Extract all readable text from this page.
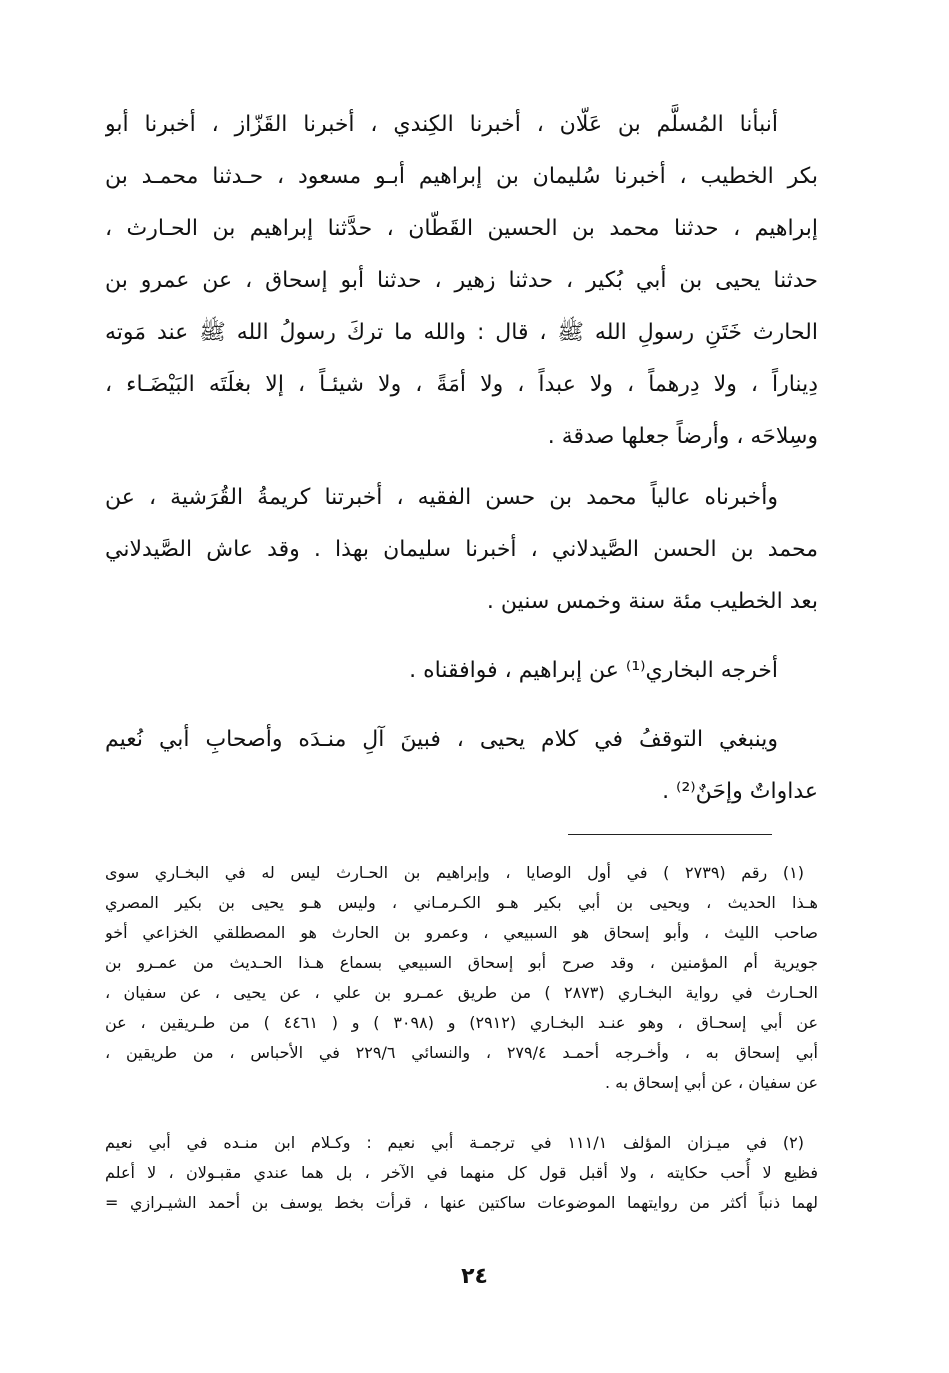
أنبأنا المُسلَّم بن عَلّان ، أخبرنا الكِندي ، أخبرنا القَزّاز ، أخبرنا أبو
بكر الخطيب ، أخبرنا سُليمان بن إبراهيم أبـو مسعود ، حـدثنا محمـد بن
إبراهيم ، حدثنا محمد بن الحسين القَطّان ، حدَّثنا إبراهيم بن الحـارث ،
حدثنا يحيى بن أبي بُكير ، حدثنا زهير ، حدثنا أبو إسحاق ، عن عمرو بن
الحارث خَتَنِ رسولِ الله ﷺ ، قال : والله ما تركَ رسولُ الله ﷺ عند مَوته
دِيناراً ، ولا دِرهماً ، ولا عبداً ، ولا أمَةً ، ولا شيئـاً ، إلا بغلَتَه البَيْضَـاء ،
وسِلاحَه ، وأرضاً جعلها صدقة .
وأخبرناه عالياً محمد بن حسن الفقيه ، أخبرتنا كريمةُ القُرَشية ، عن
محمد بن الحسن الصَّيدلاني ، أخبرنا سليمان بهذا . وقد عاش الصَّيدلاني
بعد الخطيب مئة سنة وخمس سنين .
أخرجه البخاري⁽¹⁾ عن إبراهيم ، فوافقناه .
وينبغي التوقفُ في كلام يحيى ، فبينَ آلِ منـدَه وأصحابِ أبي نُعيم
عداواتٌ وإحَنٌ⁽²⁾ .
(١) رقم (٢٧٣٩ ) في أول الوصايا ، وإبراهيم بن الحـارث ليس له في البخـاري سوى
هـذا الحديث ، ويحيى بن أبي بكير هـو الكـرمـاني ، وليس هـو يحيى بن بكير المصري
صاحب الليث ، وأبو إسحاق هو السبيعي ، وعمرو بن الحارث هو المصطلقي الخزاعي أخو
جويرية أم المؤمنين ، وقد صرح أبو إسحاق السبيعي بسماع هـذا الحـديث من عمـرو بن
الحـارث في رواية البخـاري (٢٨٧٣ ) من طريق عمـرو بن علي ، عن يحيى ، عن سفيان ،
عن أبي إسحـاق ، وهو عنـد البخـاري (٢٩١٢) و (٣٠٩٨ ) و ( ٤٤٦١ ) من طـريقين ، عن
أبي إسحاق به ، وأخـرجه أحمـد ٢٧٩/٤ ، والنسائي ٢٢٩/٦ في الأحباس ، من طريقين ،
عن سفيان ، عن أبي إسحاق به .
(٢) في ميـزان المؤلف ١١١/١ في ترجمـة أبي نعيم : وكـلام ابن منـده في أبي نعيم
فظيع لا أُحب حكايته ، ولا أقبل قول كل منهما في الآخر ، بل هما عندي مقبـولان ، لا أعلم
لهما ذنباً أكثر من روايتهما الموضوعات ساكتين عنها ، قرأت بخط يوسف بن أحمد الشيـرازي =
٢٤
